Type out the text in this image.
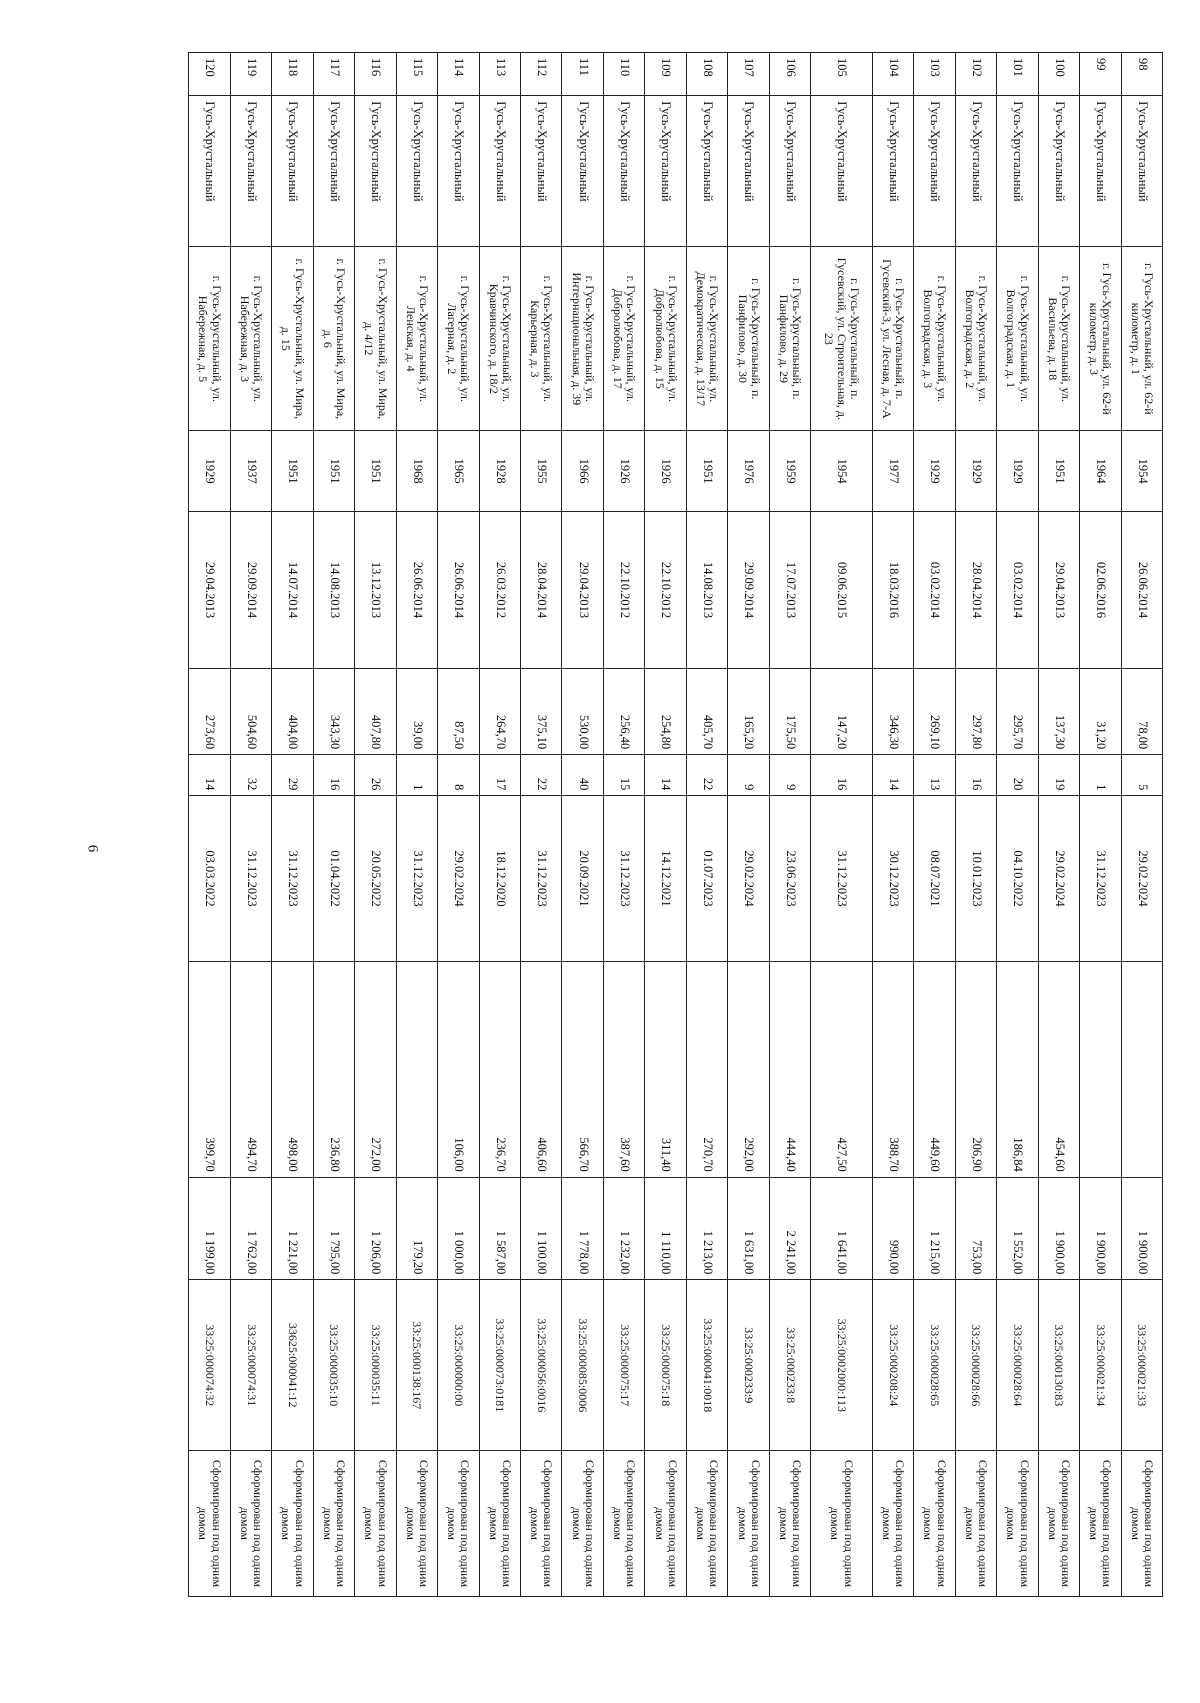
6
98	Гусь-Хрустальный	г. Гусь-Хрустальный, ул. 62-й километр, д. 1	1954	26.06.2014	78,00	5	29.02.2024		1 900,00	33:25:000021:33	Сформирован под одним домом
99	Гусь-Хрустальный	г. Гусь-Хрустальный, ул. 62-й километр, д. 3	1964	02.06.2016	31,20	1	31.12.2023		1 900,00	33:25:000021:34	Сформирован под одним домом
100	Гусь-Хрустальный	г. Гусь-Хрустальный, ул. Васильева, д. 18	1951	29.04.2013	137,30	19	29.02.2024	454,60	1 900,00	33:25:000130:83	Сформирован под одним домом
101	Гусь-Хрустальный	г. Гусь-Хрустальный, ул. Волгоградская, д. 1	1929	03.02.2014	295,70	20	04.10.2022	186,84	1 552,00	33:25:000028:64	Сформирован под одним домом
102	Гусь-Хрустальный	г. Гусь-Хрустальный, ул. Волгоградская, д. 2	1929	28.04.2014	297,80	16	10.01.2023	206,90	753,00	33:25:000028:66	Сформирован под одним домом
103	Гусь-Хрустальный	г. Гусь-Хрустальный, ул. Волгоградская, д. 3	1929	03.02.2014	269,10	13	08.07.2021	449,60	1 215,00	33:25:000028:65	Сформирован под одним домом
104	Гусь-Хрустальный	г. Гусь-Хрустальный, п. Гусевский-3, ул. Лесная, д. 7-А	1977	18.03.2016	346,30	14	30.12.2023	388,70	990,00	33:25:000208:24	Сформирован под одним домом
105	Гусь-Хрустальный	г. Гусь-Хрустальный, п. Гусевский, ул. Строительная, д. 23	1954	09.06.2015	147,20	16	31.12.2023	427,50	1 641,00	33:25:0002000:113	Сформирован под одним домом
106	Гусь-Хрустальный	г. Гусь-Хрустальный, п. Панфилово, д. 29	1959	17.07.2013	175,50	9	23.06.2023	444,40	2 241,00	33:25:000233:8	Сформирован под одним домом
107	Гусь-Хрустальный	г. Гусь-Хрустальный, п. Панфилово, д. 30	1976	29.09.2014	165,20	9	29.02.2024	292,00	1 631,00	33:25:000233:9	Сформирован под одним домом
108	Гусь-Хрустальный	г. Гусь-Хрустальный, ул. Демократическая, д. 13/17	1951	14.08.2013	405,70	22	01.07.2023	270,70	1 213,00	33:25:000041:0018	Сформирован под одним домом
109	Гусь-Хрустальный	г. Гусь-Хрустальный, ул. Добролюбова, д. 15	1926	22.10.2012	254,80	14	14.12.2021	311,40	1 110,00	33:25:000075:18	Сформирован под одним домом
110	Гусь-Хрустальный	г. Гусь-Хрустальный, ул. Добролюбова, д. 17	1926	22.10.2012	256,40	15	31.12.2023	387,60	1 232,00	33:25:000075:17	Сформирован под одним домом
111	Гусь-Хрустальный	г. Гусь-Хрустальный, ул. Интернациональная, д. 39	1966	29.04.2013	530,00	40	20.09.2021	566,70	1 778,00	33:25:000085:0006	Сформирован под одним домом
112	Гусь-Хрустальный	г. Гусь-Хрустальный, ул. Карьерная, д. 3	1955	28.04.2014	375,10	22	31.12.2023	406,60	1 100,00	33:25:000056:0016	Сформирован под одним домом
113	Гусь-Хрустальный	г. Гусь-Хрустальный, ул. Кравчинского, д. 18/2	1928	26.03.2012	264,70	17	18.12.2020	236,70	1 587,00	33:25:000073:0181	Сформирован под одним домом
114	Гусь-Хрустальный	г. Гусь-Хрустальный, ул. Лагерная, д. 2	1965	26.06.2014	87,50	8	29.02.2024	106,00	1 000,00	33:25:000000:00	Сформирован под одним домом
115	Гусь-Хрустальный	г. Гусь-Хрустальный, ул. Ленская, д. 4	1968	26.06.2014	39,00	1	31.12.2023		179,20	33:25:000138:167	Сформирован под одним домом
116	Гусь-Хрустальный	г. Гусь-Хрустальный, ул. Мира, д. 4/12	1951	13.12.2013	407,80	26	20.05.2022	272,00	1 206,00	33:25:000035:11	Сформирован под одним домом
117	Гусь-Хрустальный	г. Гусь-Хрустальный, ул. Мира, д. 6	1951	14.08.2013	343,30	16	01.04.2022	236,80	1 795,00	33:25:000035:10	Сформирован под одним домом
118	Гусь-Хрустальный	г. Гусь-Хрустальный, ул. Мира, д. 15	1951	14.07.2014	404,00	29	31.12.2023	498,00	1 221,00	33625:000041:12	Сформирован под одним домом
119	Гусь-Хрустальный	г. Гусь-Хрустальный, ул. Набережная, д. 3	1937	29.09.2014	504,60	32	31.12.2023	494,70	1 762,00	33:25:000074:31	Сформирован под одним домом
120	Гусь-Хрустальный	г. Гусь-Хрустальный, ул. Набережная, д. 5	1929	29.04.2013	273,60	14	03.03.2022	399,70	1 199,00	33:25:000074:32	Сформирован под одним домом
